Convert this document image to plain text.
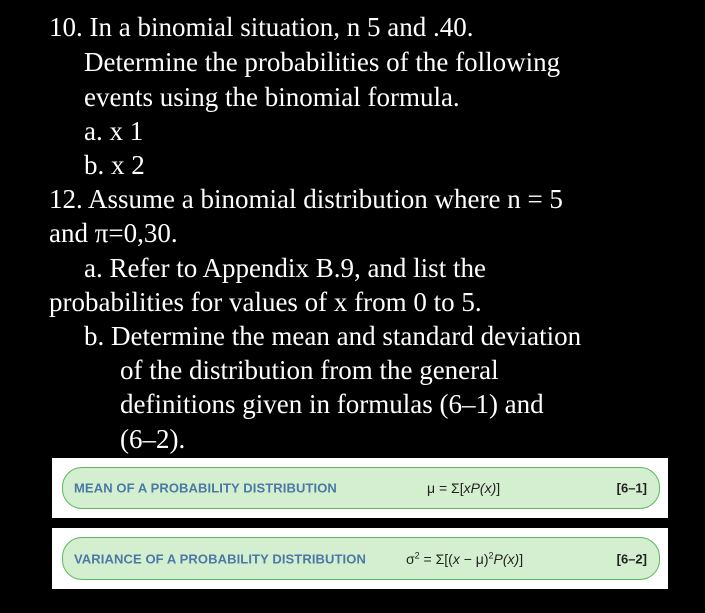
10. In a binomial situation, n 5 and .40.
Determine the probabilities of the following
events using the binomial formula.
a. x 1
b. x 2
12. Assume a binomial distribution where n = 5
and π=0,30.
a. Refer to Appendix B.9, and list the
probabilities for values of x from 0 to 5.
b. Determine the mean and standard deviation
of the distribution from the general
definitions given in formulas (6–1) and
(6–2).
MEAN OF A PROBABILITY DISTRIBUTION	μ = Σ[xP(x)]	[6–1]
VARIANCE OF A PROBABILITY DISTRIBUTION	$\sigma^2 = \Sigma[(x - \mu)^2P(x)]$	[6–2]
